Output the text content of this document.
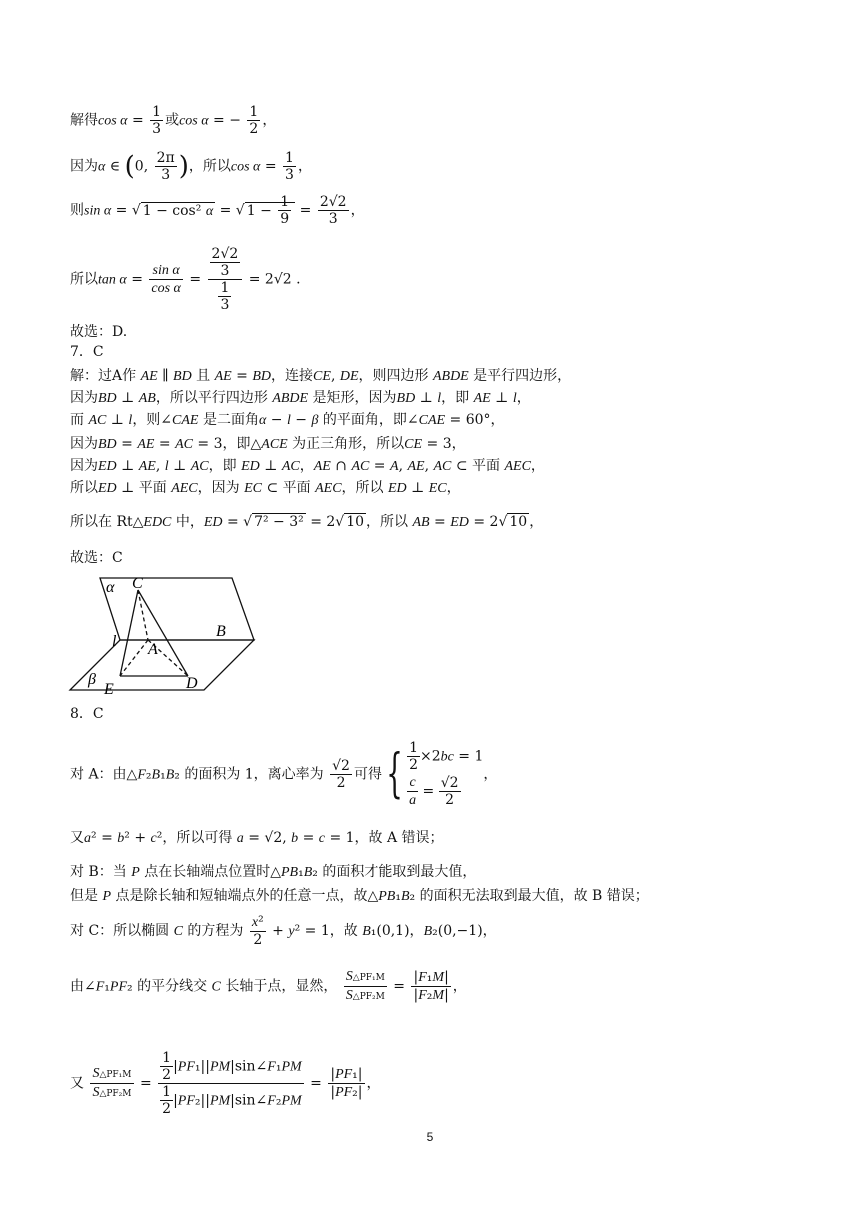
解得$\cos \alpha = \frac{1}{3}$ 或cos α = − $\frac{1}{2}$ ，
因为α ∈ (0, $\frac{2\pi}{3}$ )，所以$\cos \alpha = \frac{1}{3}$ ，
则sin α = √ 1 − cos² α = √ $1 - \frac{1}{9} = \frac{2√2}{3}$ ，
所以$\tan \alpha = \frac{\text{sin α}}{\text{cos α}} = \frac{\frac{2√2}{3}}{\frac{1}{3}} = 2√2$ .
故选：D.
7．C
解：过A作 AE ∥ BD 且 AE = BD，连接CE, DE，则四边形 ABDE 是平行四边形，
因为BD ⊥ AB，所以平行四边形 ABDE 是矩形，因为BD ⊥ l，即 AE ⊥ l，
而 AC ⊥ l，则∠CAE 是二面角α − l − β 的平面角，即∠CAE = 60°，
因为BD = AE = AC = 3，即△ACE 为正三角形，所以CE = 3，
因为ED ⊥ AE, l ⊥ AC，即 ED ⊥ AC，AE ∩ AC = A, AE, AC ⊂ 平面 AEC，
所以ED ⊥ 平面 AEC，因为 EC ⊂ 平面 AEC，所以 ED ⊥ EC，
所以在 Rt△EDC 中，ED = √ 7² − 3² = 2√ 10 ，所以 AB = ED = 2√ 10 ，
故选：C
α C
B
l A
β
E	D
8．C
对 A：由△F₂B₁B₂ 的面积为 1，离心率为 $\frac{√2}{2}$ 可得{ $\frac{1}{2} \times 2bc = 1$
$\frac{c}{a} = \frac{√2}{2}$
，
又a² = b² + c²，所以可得 a = √2, b = c = 1，故 A 错误；
对 B：当 P 点在长轴端点位置时△PB₁B₂ 的面积才能取到最大值，
但是 P 点是除长轴和短轴端点外的任意一点，故△PB₁B₂ 的面积无法取到最大值，故 B 错误；
对 C：所以椭圆 C 的方程为 $\frac{\text{x²}}{2} + y^2 = 1$，故 B₁(0,1)，B₂(0,−1)，
由∠F₁PF₂ 的平分线交 C 长轴于点，显然， $\frac{\text{S△PF₁M}}{\text{S△PF₂M}} = \frac{\text{|F₁M|}}{\text{|F₂M|}}$ ，
又 $\frac{\text{S△PF₁M}}{\text{S△PF₂M}} = \frac{\frac{1}{2} |PF_1||PM|\sin\angle F_1PM}{\frac{1}{2} |PF_2||PM|\sin\angle F_2PM} = \frac{\text{|PF₁|}}{\text{|PF₂|}}$ ，
5
